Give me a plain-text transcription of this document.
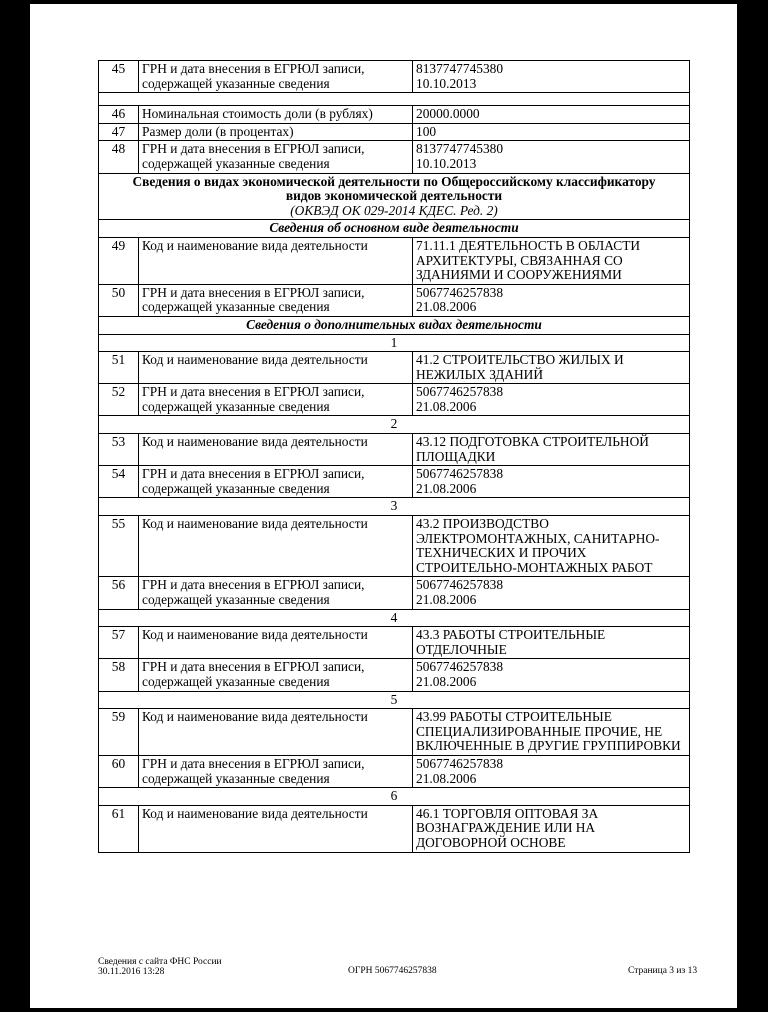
45	ГРН и дата внесения в ЕГРЮЛ записи, содержащей указанные сведения	8137747745380
10.10.2013

46	Номинальная стоимость доли (в рублях)	20000.0000
47	Размер доли (в процентах)	100
48	ГРН и дата внесения в ЕГРЮЛ записи, содержащей указанные сведения	8137747745380
10.10.2013

Сведения о видах экономической деятельности по Общероссийскому классификатору видов экономической деятельности
(ОКВЭД ОК 029-2014 КДЕС. Ред. 2)		

Сведения об основном виде деятельности		
49	Код и наименование вида деятельности	71.11.1 ДЕЯТЕЛЬНОСТЬ В ОБЛАСТИ АРХИТЕКТУРЫ, СВЯЗАННАЯ СО ЗДАНИЯМИ И СООРУЖЕНИЯМИ
50	ГРН и дата внесения в ЕГРЮЛ записи, содержащей указанные сведения	5067746257838
21.08.2006
Сведения о дополнительных видах деятельности		
1		
51	Код и наименование вида деятельности	41.2 СТРОИТЕЛЬСТВО ЖИЛЫХ И НЕЖИЛЫХ ЗДАНИЙ
52	ГРН и дата внесения в ЕГРЮЛ записи, содержащей указанные сведения	5067746257838
21.08.2006
2		
53	Код и наименование вида деятельности	43.12 ПОДГОТОВКА СТРОИТЕЛЬНОЙ ПЛОЩАДКИ
54	ГРН и дата внесения в ЕГРЮЛ записи, содержащей указанные сведения	5067746257838
21.08.2006
3		
55	Код и наименование вида деятельности	43.2 ПРОИЗВОДСТВО ЭЛЕКТРОМОНТАЖНЫХ, САНИТАРНО-ТЕХНИЧЕСКИХ И ПРОЧИХ СТРОИТЕЛЬНО-МОНТАЖНЫХ РАБОТ
56	ГРН и дата внесения в ЕГРЮЛ записи, содержащей указанные сведения	5067746257838
21.08.2006
4		
57	Код и наименование вида деятельности	43.3 РАБОТЫ СТРОИТЕЛЬНЫЕ ОТДЕЛОЧНЫЕ
58	ГРН и дата внесения в ЕГРЮЛ записи, содержащей указанные сведения	5067746257838
21.08.2006
5		
59	Код и наименование вида деятельности	43.99 РАБОТЫ СТРОИТЕЛЬНЫЕ СПЕЦИАЛИЗИРОВАННЫЕ ПРОЧИЕ, НЕ ВКЛЮЧЕННЫЕ В ДРУГИЕ ГРУППИРОВКИ
60	ГРН и дата внесения в ЕГРЮЛ записи, содержащей указанные сведения	5067746257838
21.08.2006
6		
61	Код и наименование вида деятельности	46.1 ТОРГОВЛЯ ОПТОВАЯ ЗА ВОЗНАГРАЖДЕНИЕ ИЛИ НА ДОГОВОРНОЙ ОСНОВЕ
Сведения с сайта ФНС России
30.11.2016 13:28	ОГРН 5067746257838	Страница 3 из 13
